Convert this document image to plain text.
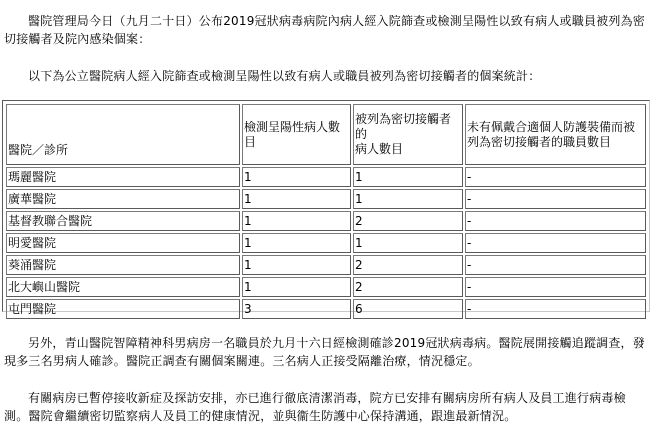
醫院管理局今日（九月二十日）公布2019冠狀病毒病院內病人經入院篩查或檢測呈陽性以致有病人或職員被列為密切接觸者及院內感染個案：
以下為公立醫院病人經入院篩查或檢測呈陽性以致有病人或職員被列為密切接觸者的個案統計：
醫院／診所	檢測呈陽性病人數目	被列為密切接觸者的
病人數目	未有佩戴合適個人防護裝備而被列為密切接觸者的職員數目
瑪麗醫院	1	1	-
廣華醫院	1	1	-
基督教聯合醫院	1	2	-
明愛醫院	1	1	-
葵涌醫院	1	2	-
北大嶼山醫院	1	2	-
屯門醫院	3	6	-
另外，青山醫院智障精神科男病房一名職員於九月十六日經檢測確診2019冠狀病毒病。醫院展開接觸追蹤調查，發現多三名男病人確診。醫院正調查有關個案關連。三名病人正接受隔離治療，情況穩定。
有關病房已暫停接收新症及探訪安排，亦已進行徹底清潔消毒，院方已安排有關病房所有病人及員工進行病毒檢測。醫院會繼續密切監察病人及員工的健康情況，並與衞生防護中心保持溝通，跟進最新情況。
